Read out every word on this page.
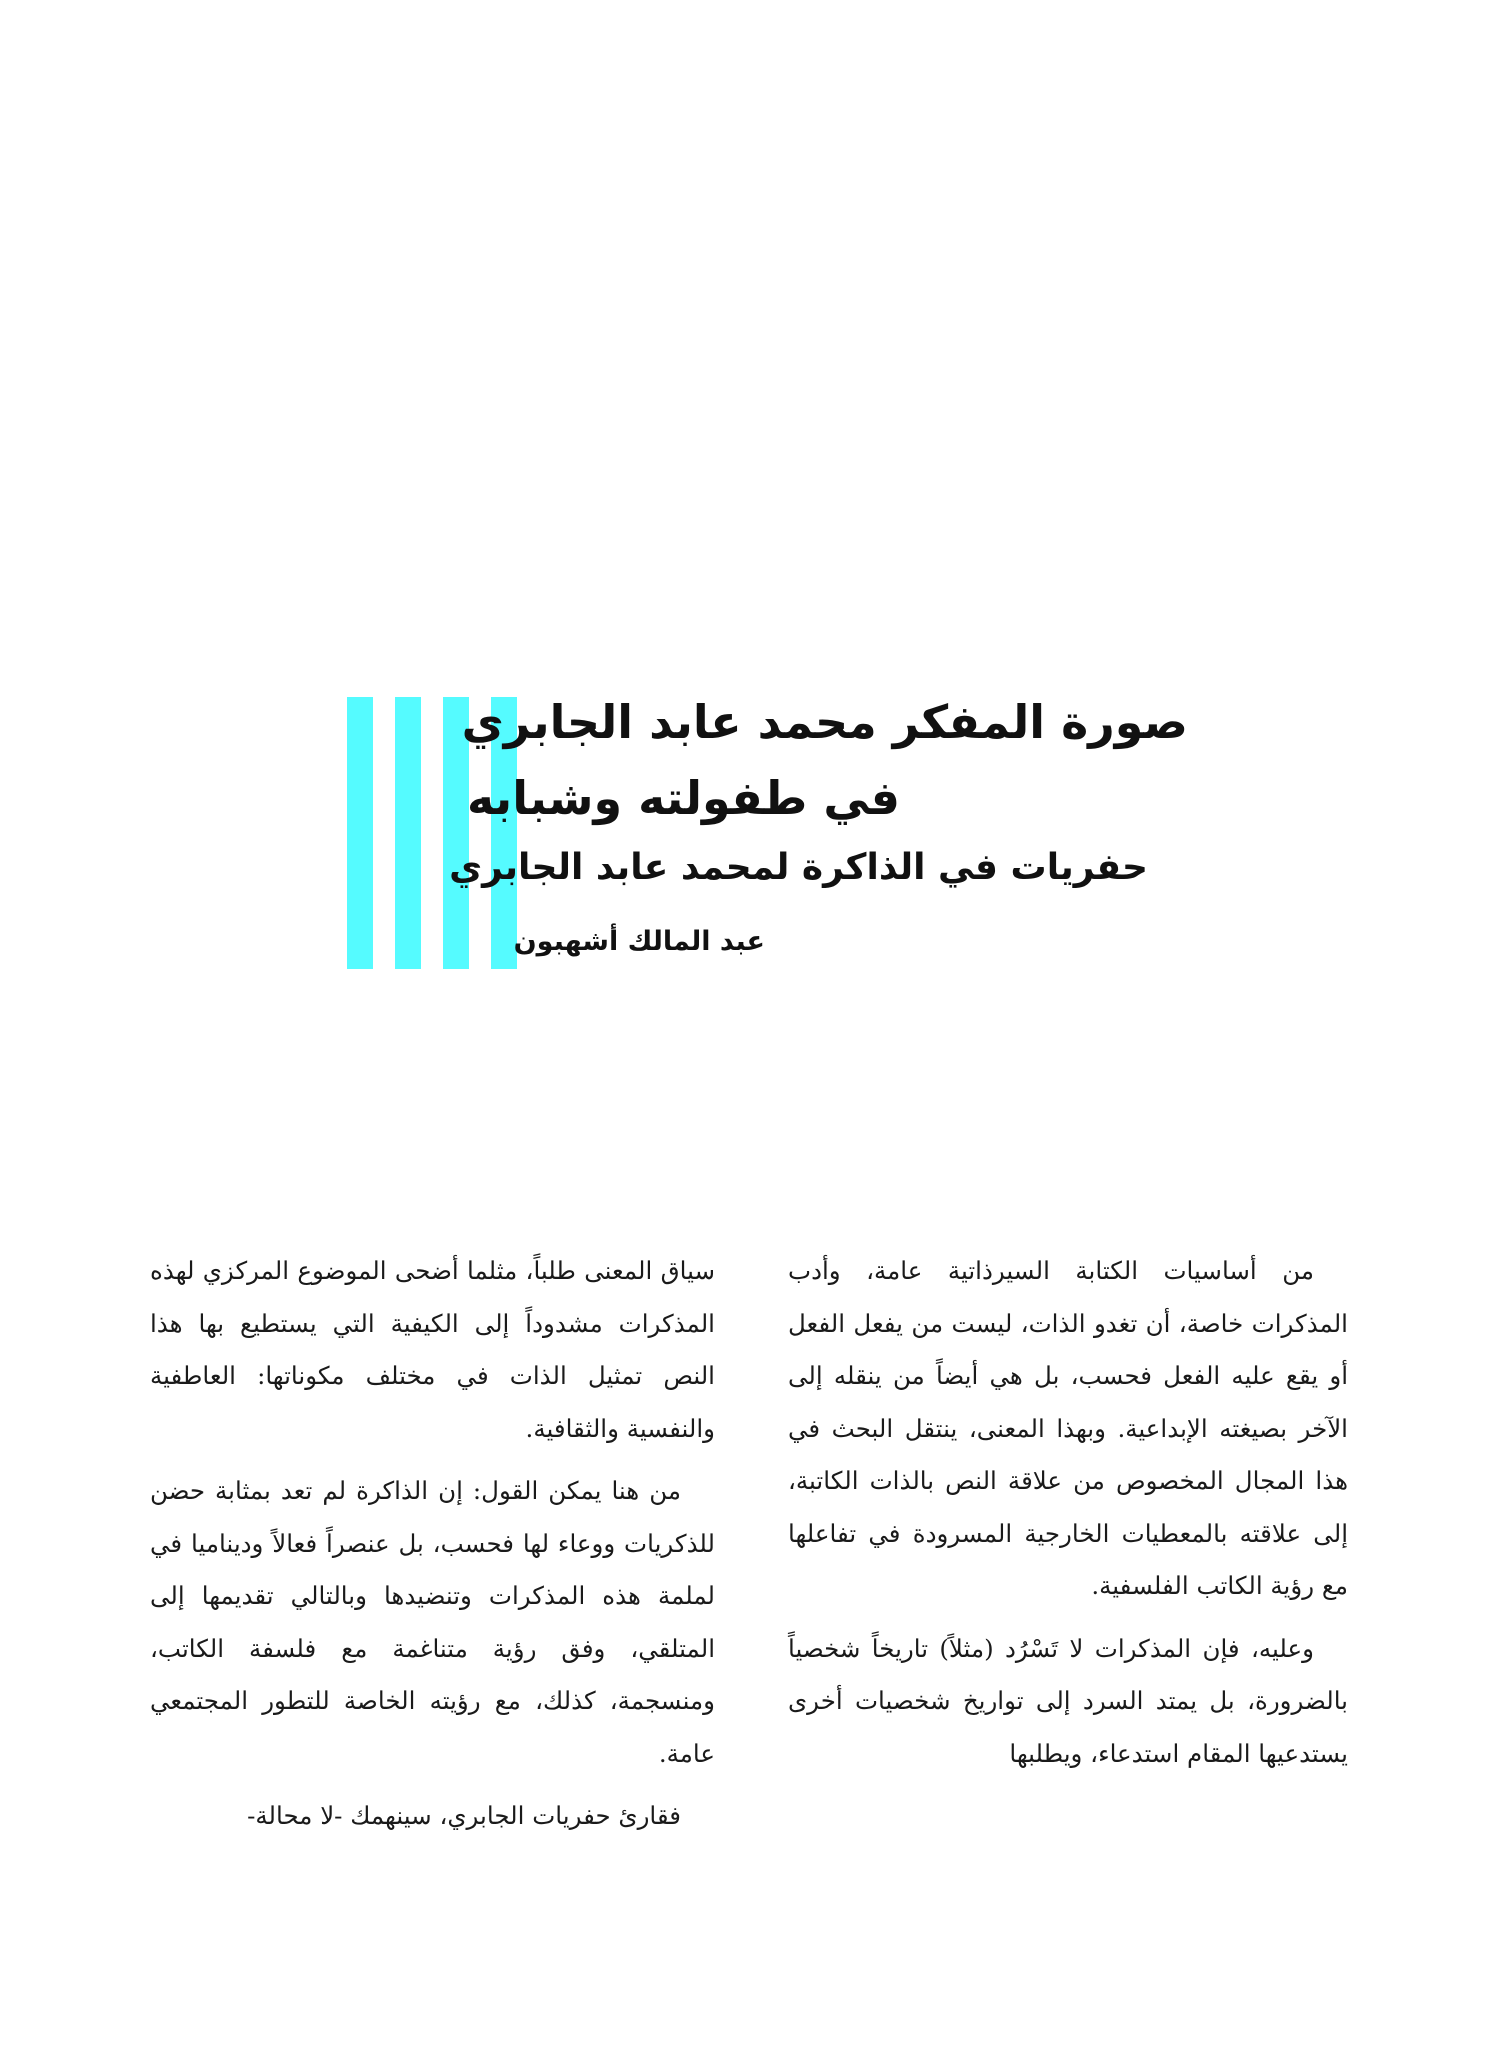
صورة المفكر محمد عابد الجابري
في طفولته وشبابه
حفريات في الذاكرة لمحمد عابد الجابري
عبد المالك أشهبون

من أساسيات الكتابة السيرذاتية عامة، وأدب المذكرات خاصة، أن تغدو الذات، ليست من يفعل الفعل أو يقع عليه الفعل فحسب، بل هي أيضاً من ينقله إلى الآخر بصيغته الإبداعية. وبهذا المعنى، ينتقل البحث في هذا المجال المخصوص من علاقة النص بالذات الكاتبة، إلى علاقته بالمعطيات الخارجية المسرودة في تفاعلها مع رؤية الكاتب الفلسفية.

وعليه، فإن المذكرات لا تَسْرُد (مثلاً) تاريخاً شخصياً بالضرورة، بل يمتد السرد إلى تواريخ شخصيات أخرى يستدعيها المقام استدعاء، ويطلبها

سياق المعنى طلباً، مثلما أضحى الموضوع المركزي لهذه المذكرات مشدوداً إلى الكيفية التي يستطيع بها هذا النص تمثيل الذات في مختلف مكوناتها: العاطفية والنفسية والثقافية.

من هنا يمكن القول: إن الذاكرة لم تعد بمثابة حضن للذكريات ووعاء لها فحسب، بل عنصراً فعالاً وديناميا في لملمة هذه المذكرات وتنضيدها وبالتالي تقديمها إلى المتلقي، وفق رؤية متناغمة مع فلسفة الكاتب، ومنسجمة، كذلك، مع رؤيته الخاصة للتطور المجتمعي عامة.

فقارئ حفريات الجابري، سينهمك -لا محالة-
